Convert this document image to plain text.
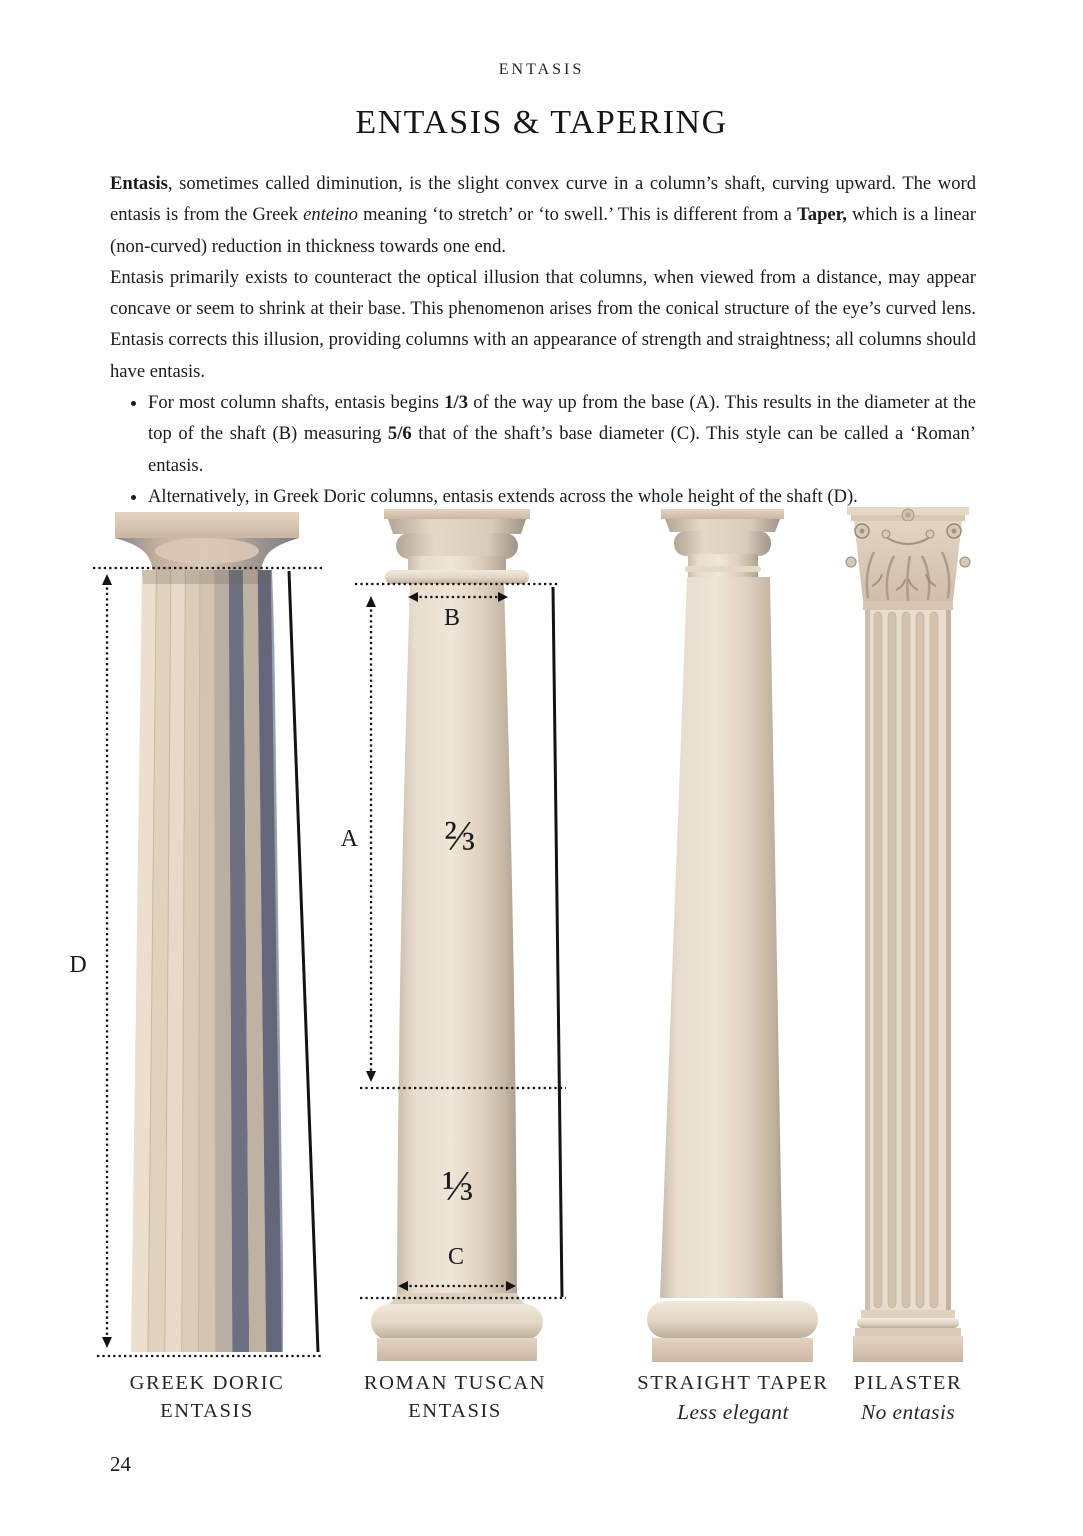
ENTASIS
ENTASIS & TAPERING

Entasis, sometimes called diminution, is the slight convex curve in a column’s shaft, curving upward. The word entasis is from the Greek enteino meaning ‘to stretch’ or ‘to swell.’ This is different from a Taper, which is a linear (non-curved) reduction in thickness towards one end.

Entasis primarily exists to counteract the optical illusion that columns, when viewed from a distance, may appear concave or seem to shrink at their base. This phenomenon arises from the conical structure of the eye’s curved lens. Entasis corrects this illusion, providing columns with an appearance of strength and straightness; all columns should have entasis.

• For most column shafts, entasis begins 1/3 of the way up from the base (A). This results in the diameter at the top of the shaft (B) measuring 5/6 that of the shaft’s base diameter (C). This style can be called a ‘Roman’ entasis.
• Alternatively, in Greek Doric columns, entasis extends across the whole height of the shaft (D).
D
B
A ⅔
⅓
C
GREEK DORIC
ENTASIS
ROMAN TUSCAN
ENTASIS
STRAIGHT TAPER
Less elegant
PILASTER
No entasis
24
